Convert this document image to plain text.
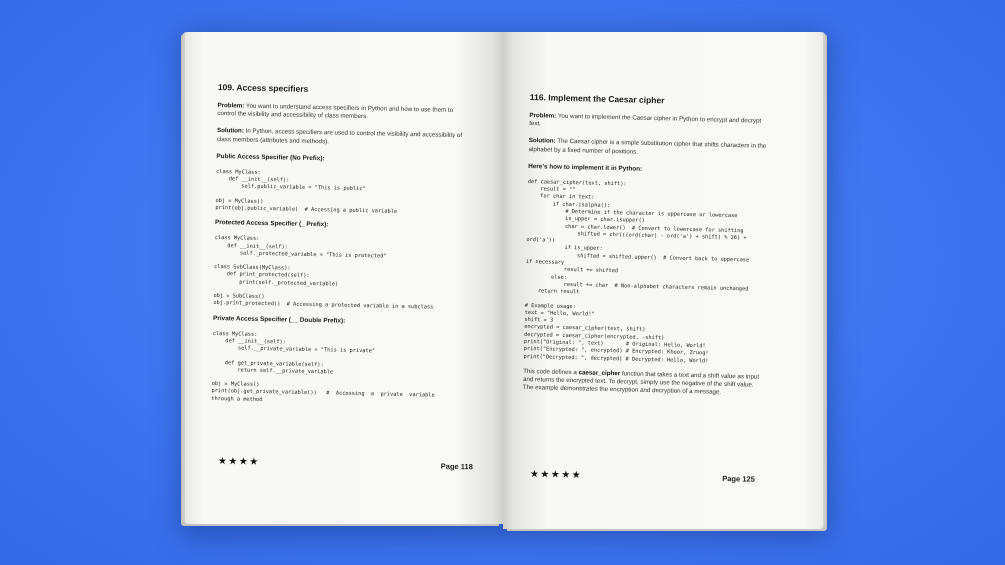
109. Access specifiers

Problem: You want to understand access specifiers in Python and how to use them to control the visibility and accessibility of class members.

Solution: In Python, access specifiers are used to control the visibility and accessibility of class members (attributes and methods).

Public Access Specifier (No Prefix):
class MyClass:
def __init__(self):
self.public_variable = "This is public"
obj = MyClass()
print(obj.public_variable)  # Accessing a public variable
Protected Access Specifier (_ Prefix):
class MyClass:
def __init__(self):
self._protected_variable = "This is protected"
class SubClass(MyClass):
def print_protected(self):
print(self._protected_variable)
obj = SubClass()
obj.print_protected()  # Accessing a protected variable in a subclass
Private Access Specifier (__ Double Prefix):
class MyClass:
def __init__(self):
self.__private_variable = "This is private"
def get_private_variable(self):
return self.__private_variable
obj = MyClass()
print(obj.get_private_variable())   #  Accessing  a  private  variable
through a method
★★★★	Page 118
116. Implement the Caesar cipher

Problem: You want to implement the Caesar cipher in Python to encrypt and decrypt text.

Solution: The Caesar cipher is a simple substitution cipher that shifts characters in the alphabet by a fixed number of positions.

Here's how to implement it in Python:
def caesar_cipher(text, shift):
result = ""
for char in text:
if char.isalpha():
# Determine if the character is uppercase or lowercase
is_upper = char.isupper()
char = char.lower()  # Convert to lowercase for shifting
shifted = chr(((ord(char) - ord('a') + shift) % 26) +
ord('a'))
if is_upper:
shifted = shifted.upper()  # Convert back to uppercase
if necessary
result += shifted
else:
result += char  # Non-alphabet characters remain unchanged
return result
# Example usage:
text = "Hello, World!"
shift = 3
encrypted = caesar_cipher(text, shift)
decrypted = caesar_cipher(encrypted, -shift)
print("Original: ", text)       # Original: Hello, World!
print("Encrypted: ", encrypted) # Encrypted: Khoor, Zruog!
print("Decrypted: ", decrypted) # Decrypted: Hello, World!

This code defines a caesar_cipher function that takes a text and a shift value as input and returns the encrypted text. To decrypt, simply use the negative of the shift value. The example demonstrates the encryption and decryption of a message.

★★★★★	Page 125
